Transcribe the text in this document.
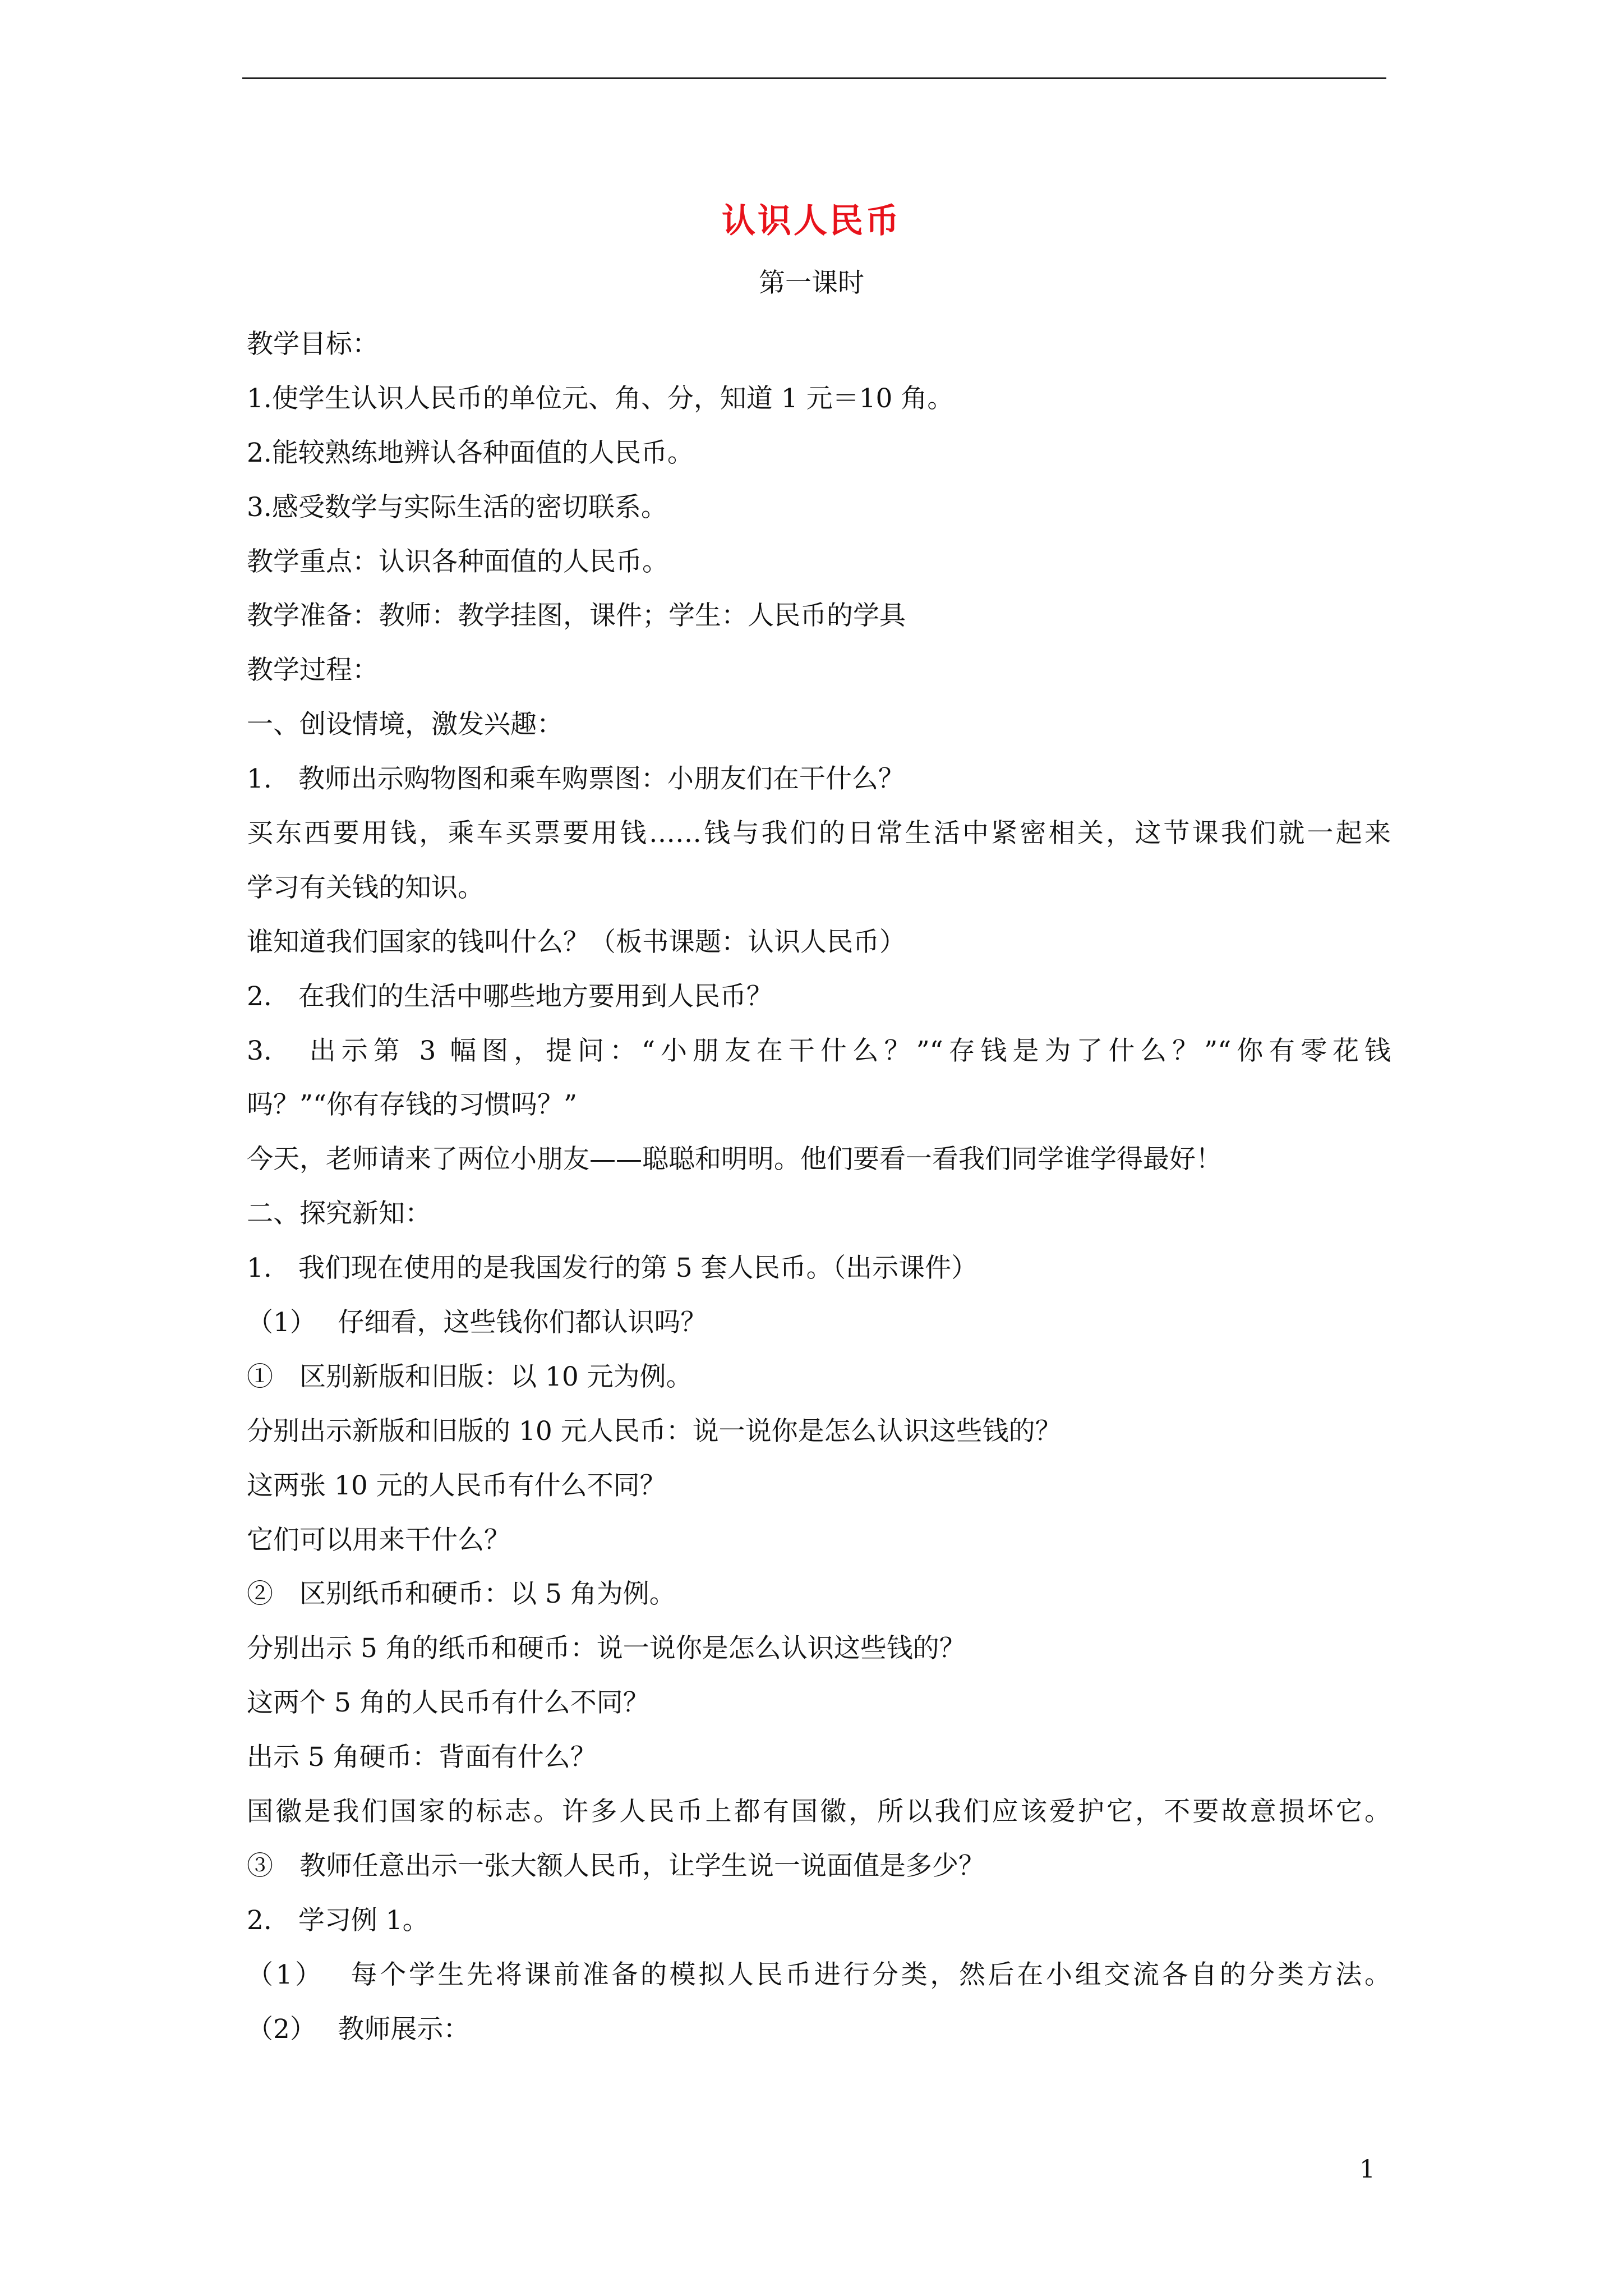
认识人民币
第一课时
教学目标：
1.使学生认识人民币的单位元、角、分，知道 1 元＝10 角。
2.能较熟练地辨认各种面值的人民币。
3.感受数学与实际生活的密切联系。
教学重点：认识各种面值的人民币。
教学准备：教师：教学挂图，课件；学生：人民币的学具
教学过程：
一、创设情境，激发兴趣：
1.　教师出示购物图和乘车购票图：小朋友们在干什么？
买东西要用钱，乘车买票要用钱……钱与我们的日常生活中紧密相关，这节课我们就一起来
学习有关钱的知识。
谁知道我们国家的钱叫什么？（板书课题：认识人民币）
2.　在我们的生活中哪些地方要用到人民币？
3.　出示第 3 幅图，提问：“小朋友在干什么？”“存钱是为了什么？”“你有零花钱
吗？”“你有存钱的习惯吗？”
今天，老师请来了两位小朋友——聪聪和明明。他们要看一看我们同学谁学得最好！
二、探究新知：
1.　我们现在使用的是我国发行的第 5 套人民币。（出示课件）
（1）　 仔细看，这些钱你们都认识吗？
①　区别新版和旧版：以 10 元为例。
分别出示新版和旧版的 10 元人民币：说一说你是怎么认识这些钱的？
这两张 10 元的人民币有什么不同？
它们可以用来干什么？
②　区别纸币和硬币：以 5 角为例。
分别出示 5 角的纸币和硬币：说一说你是怎么认识这些钱的？
这两个 5 角的人民币有什么不同？
出示 5 角硬币：背面有什么？
国徽是我们国家的标志。许多人民币上都有国徽，所以我们应该爱护它，不要故意损坏它。
③　教师任意出示一张大额人民币，让学生说一说面值是多少？
2.　学习例 1。
（1）　 每个学生先将课前准备的模拟人民币进行分类，然后在小组交流各自的分类方法。
（2）　 教师展示：
1
